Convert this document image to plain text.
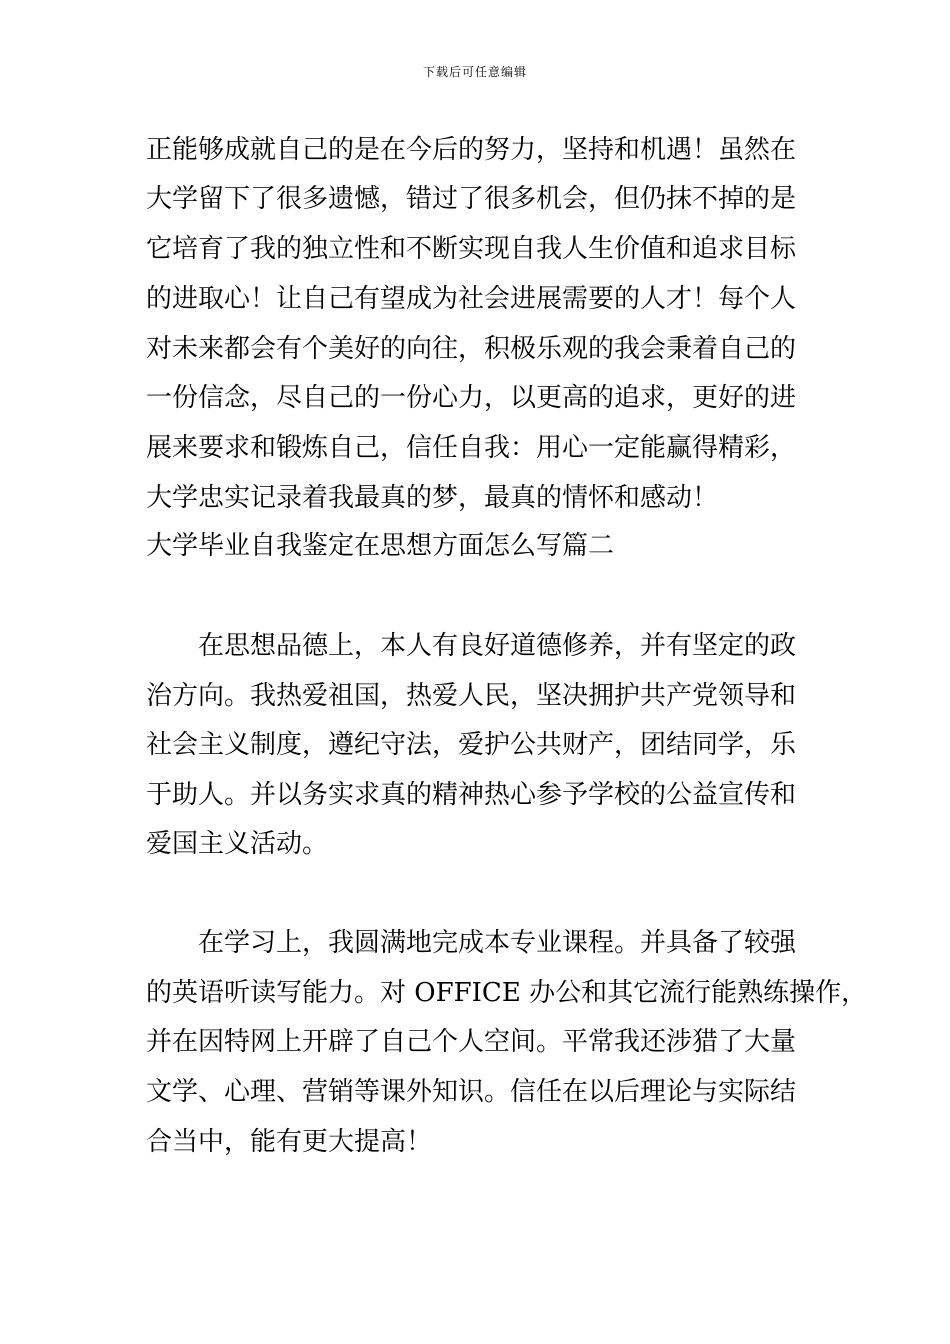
下载后可任意编辑
正能够成就自己的是在今后的努力，坚持和机遇！虽然在
大学留下了很多遗憾，错过了很多机会，但仍抹不掉的是
它培育了我的独立性和不断实现自我人生价值和追求目标
的进取心！让自己有望成为社会进展需要的人才！每个人
对未来都会有个美好的向往，积极乐观的我会秉着自己的
一份信念，尽自己的一份心力，以更高的追求，更好的进
展来要求和锻炼自己，信任自我：用心一定能赢得精彩，
大学忠实记录着我最真的梦，最真的情怀和感动！
大学毕业自我鉴定在思想方面怎么写篇二
在思想品德上，本人有良好道德修养，并有坚定的政
治方向。我热爱祖国，热爱人民，坚决拥护共产党领导和
社会主义制度，遵纪守法，爱护公共财产，团结同学，乐
于助人。并以务实求真的精神热心参予学校的公益宣传和
爱国主义活动。
在学习上，我圆满地完成本专业课程。并具备了较强
的英语听读写能力。对 OFFICE 办公和其它流行能熟练操作，
并在因特网上开辟了自己个人空间。平常我还涉猎了大量
文学、心理、营销等课外知识。信任在以后理论与实际结
合当中，能有更大提高！
